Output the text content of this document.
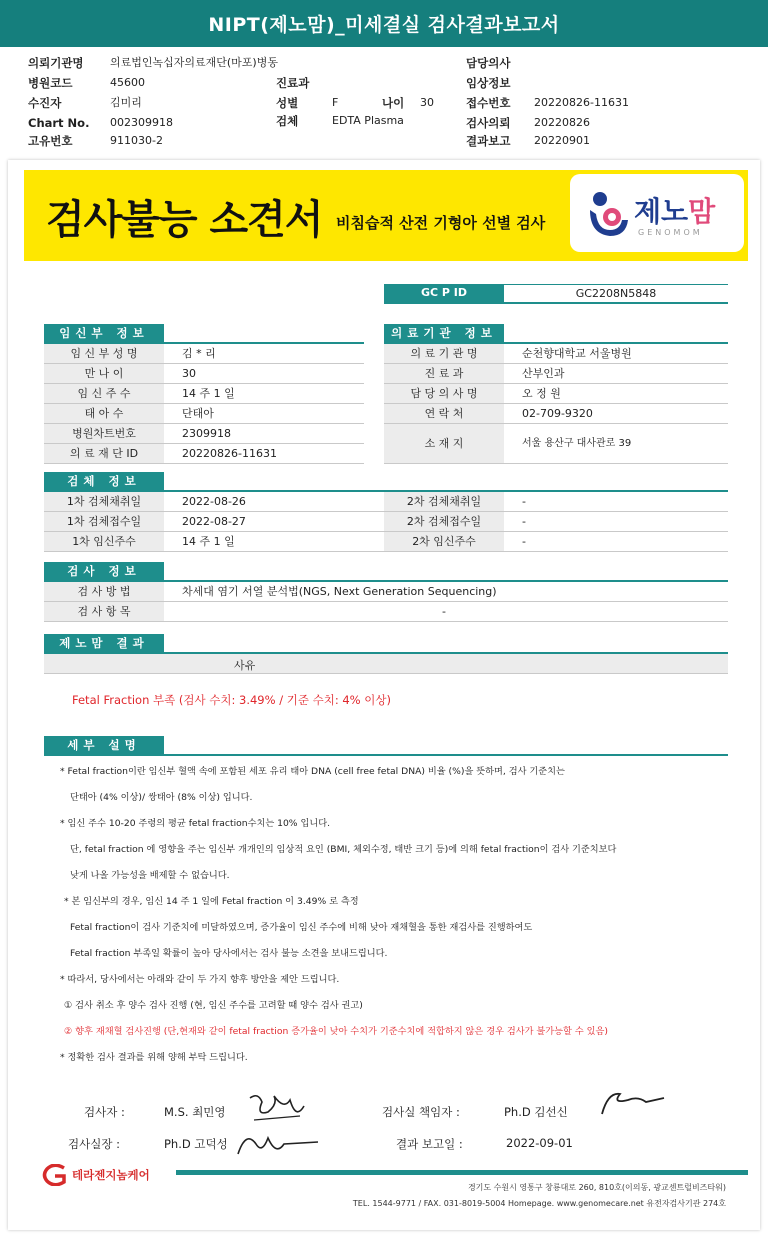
NIPT(제노맘)_미세결실 검사결과보고서
의뢰기관명 의료법인녹십자의료재단(마포)병동
병원코드	45600
수진자	김미리
Chart No. 002309918
고유번호	911030-2
진료과
성별	F	나이 30
검체	EDTA Plasma
담당의사
임상정보
접수번호 20220826-11631
검사의뢰 20220826
결과보고 20220901
검사불능 소견서 비침습적 산전 기형아 선별 검사	제노맘
GENOMOM
GC P ID	GC2208N5848
임신부 정보
임 신 부 성 명	김 * 리
만 나 이	30
임 신 주 수	14 주 1 일
태 아 수	단태아
병원차트번호	2309918
의 료 재 단 ID	20220826-11631
의료기관 정보
의 료 기 관 명	순천향대학교 서울병원
진 료 과	산부인과
담 당 의 사 명	오 정 원
연 락 처	02-709-9320
소 재 지	서울 용산구 대사관로 39
검체 정보
1차 검체채취일	2022-08-26	2차 검체채취일	-
1차 검체접수일	2022-08-27	2차 검체접수일	-
1차 임신주수	14 주 1 일	2차 임신주수	-
검사 정보
검 사 방 법	차세대 염기 서열 분석법(NGS, Next Generation Sequencing)
검 사 항 목	-
제노맘 결과
사유
Fetal Fraction 부족 (검사 수치: 3.49% / 기준 수치: 4% 이상)
세부 설명
* Fetal fraction이란 임신부 혈액 속에 포함된 세포 유리 태아 DNA (cell free fetal DNA) 비율 (%)을 뜻하며, 검사 기준치는
단태아 (4% 이상)/ 쌍태아 (8% 이상) 입니다.
* 임신 주수 10-20 주령의 평균 fetal fraction수치는 10% 입니다.
단, fetal fraction 에 영향을 주는 임신부 개개인의 임상적 요인 (BMI, 체외수정, 태반 크기 등)에 의해 fetal fraction이 검사 기준치보다
낮게 나올 가능성을 배제할 수 없습니다.
* 본 임신부의 경우, 임신 14 주 1 일에 Fetal fraction 이 3.49% 로 측정
Fetal fraction이 검사 기준치에 미달하였으며, 증가율이 임신 주수에 비해 낮아 재채혈을 통한 재검사를 진행하여도
Fetal fraction 부족일 확률이 높아 당사에서는 검사 불능 소견을 보내드립니다.
* 따라서, 당사에서는 아래와 같이 두 가지 향후 방안을 제안 드립니다.
① 검사 취소 후 양수 검사 진행 (현, 임신 주수를 고려할 때 양수 검사 권고)
② 향후 재채혈 검사진행 (단,현재와 같이 fetal fraction 증가율이 낮아 수치가 기준수치에 적합하지 않은 경우 검사가 불가능할 수 있음)
* 정확한 검사 결과를 위해 양해 부탁 드립니다.
검사자 :	M.S. 최민영	검사실 책임자 :	Ph.D 김선신
검사실장 :	Ph.D 고덕성	결과 보고일 :	2022-09-01
테라젠지놈케어
경기도 수원시 영통구 창룡대로 260, 810호(이의동, 광교센트럴비즈타워)
TEL. 1544-9771 / FAX. 031-8019-5004 Homepage. www.genomecare.net 유전자검사기관 274호
